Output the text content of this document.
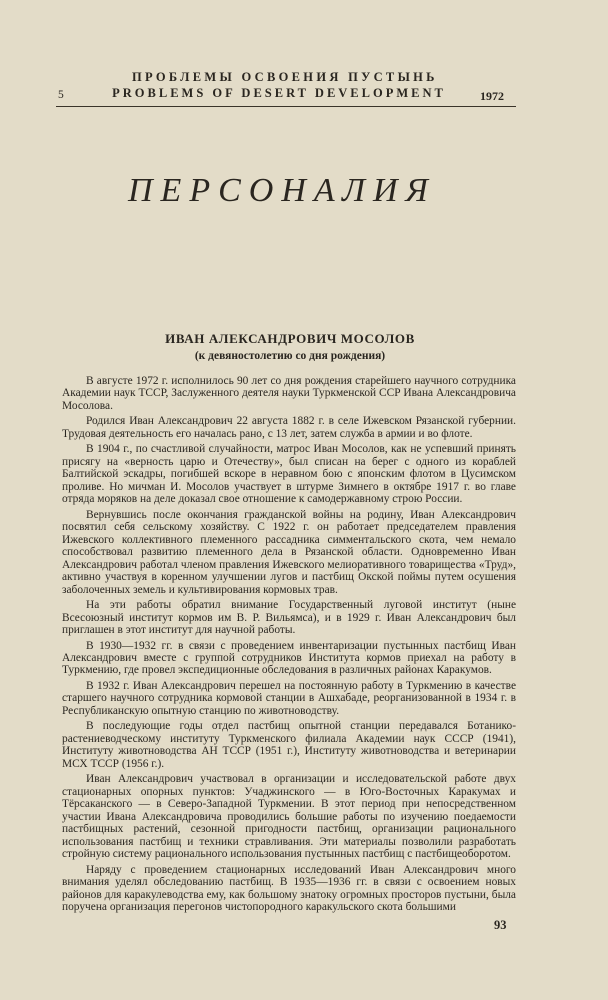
ПРОБЛЕМЫ ОСВОЕНИЯ ПУСТЫНЬ
5	PROBLEMS OF DESERT DEVELOPMENT	1972
ПЕРСОНАЛИЯ
ИВАН АЛЕКСАНДРОВИЧ МОСОЛОВ
(к девяностолетию со дня рождения)

В августе 1972 г. исполнилось 90 лет со дня рождения старейшего научного сотрудника Академии наук ТССР, Заслуженного деятеля науки Туркменской ССР Ивана Александровича Мосолова.

Родился Иван Александрович 22 августа 1882 г. в селе Ижевском Рязанской губернии. Трудовая деятельность его началась рано, с 13 лет, затем служба в армии и во флоте.

В 1904 г., по счастливой случайности, матрос Иван Мосолов, как не успевший принять присягу на «верность царю и Отечеству», был списан на берег с одного из кораблей Балтийской эскадры, погибшей вскоре в неравном бою с японским флотом в Цусимском проливе. Но мичман И. Мосолов участвует в штурме Зимнего в октябре 1917 г. во главе отряда моряков на деле доказал свое отношение к самодержавному строю России.

Вернувшись после окончания гражданской войны на родину, Иван Александрович посвятил себя сельскому хозяйству. С 1922 г. он работает председателем правления Ижевского коллективного племенного рассадника симментальского скота, чем немало способствовал развитию племенного дела в Рязанской области. Одновременно Иван Александрович работал членом правления Ижевского мелиоративного товарищества «Труд», активно участвуя в коренном улучшении лугов и пастбищ Окской поймы путем осушения заболоченных земель и культивирования кормовых трав.

На эти работы обратил внимание Государственный луговой институт (ныне Всесоюзный институт кормов им В. Р. Вильямса), и в 1929 г. Иван Александрович был приглашен в этот институт для научной работы.

В 1930—1932 гг. в связи с проведением инвентаризации пустынных пастбищ Иван Александрович вместе с группой сотрудников Института кормов приехал на работу в Туркмению, где провел экспедиционные обследования в различных районах Каракумов.

В 1932 г. Иван Александрович перешел на постоянную работу в Туркмению в качестве старшего научного сотрудника кормовой станции в Ашхабаде, реорганизованной в 1934 г. в Республиканскую опытную станцию по животноводству.

В последующие годы отдел пастбищ опытной станции передавался Ботанико-растениеводческому институту Туркменского филиала Академии наук СССР (1941), Институту животноводства АН ТССР (1951 г.), Институту животноводства и ветеринарии МСХ ТССР (1956 г.).

Иван Александрович участвовал в организации и исследовательской работе двух стационарных опорных пунктов: Учаджинского — в Юго-Восточных Каракумах и Тёрсаканского — в Северо-Западной Туркмении. В этот период при непосредственном участии Ивана Александровича проводились большие работы по изучению поедаемости пастбищных растений, сезонной пригодности пастбищ, организации рационального использования пастбищ и техники стравливания. Эти материалы позволили разработать стройную систему рационального использования пустынных пастбищ с пастбищеоборотом.

Наряду с проведением стационарных исследований Иван Александрович много внимания уделял обследованию пастбищ. В 1935—1936 гг. в связи с освоением новых районов для каракулеводства ему, как большому знатоку огромных просторов пустыни, была поручена организация перегонов чистопородного каракульского скота большими

93
